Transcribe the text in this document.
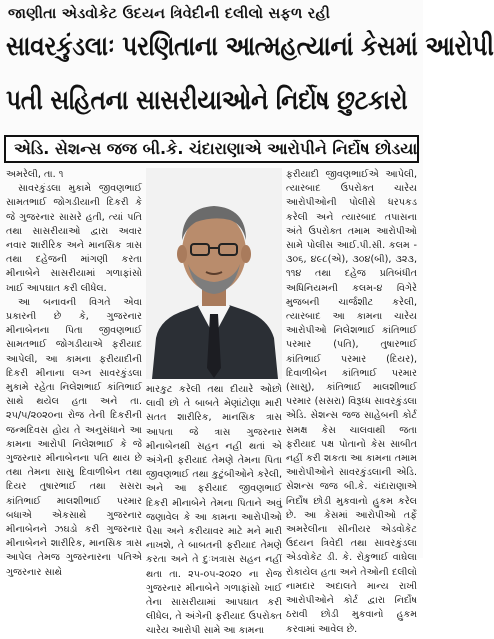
જાણીતા એડવોકેટ ઉદયન ત્રિવેદીની દલીલો સફળ રહી
સાવરકુંડલાઃ પરણિતાના આત્મહત્યાનાં કેસમાં આરોપી
પતી સહિતના સાસરીયાઓને નિર્દોષ છુટકારો
એડિ. સેશન્સ જજ બી.કે. ચંદારાણાએ આરોપીને નિર્દોષ છોડયા

અમરેલી, તા. ૧

સાવરકુંડલા મુકામે જીવણભાઈ સામતભાઈ જોગડીયાની દિકરી કે જે ગુજરનાર સાસરે હતી, ત્યાં પતિ તથા સાસરીયાઓ દ્વારા અવાર નવાર શારીરિક અને માનસિક ત્રાસ તથા દહેજની માંગણી કરતા મીનાબેને સાસરીયામાં ગળાફાંસો ખાઈ આપઘાત કરી લીધેલ.

આ બનાવની વિગતે એવા પ્રકારની છે કે, ગુજરનાર મીનાબેનના પિતા જીવણભાઈ સામતભાઈ જોગડીયાએ ફરીયાદ આપેલી, આ કામના ફરીયાદીની દિકરી મીનાના લગ્ન સાવરકુંડલા મુકામે રહેતા નિલેશભાઈ કાંતિભાઈ સાથે થયેલ હતા અને તા. ૨૫/૫/૨૦૨૦ના રોજ તેની દિકરીની જન્મદિવસ હોય તે અનુસંધાને આ કામના આરોપી નિલેશભાઈ કે જે ગુજરનાર મીનાબેનના પતિ થાય છે તથા તેમના સાસુ દિવાળીબેન તથા દિયર તુષારભાઈ તથા સસરા કાંતિભાઈ માલશીભાઈ પરમાર બધાએ એકસાથે ગુજરનાર મીનાબેનને ઝઘડો કરી ગુજરનાર મીનાબેનને શારીરિક, માનસિક ત્રાસ આપેલ તેમજ ગુજરનારના પતિએ ગુજરનાર સાથે

મારકુટ કરેલી તથા દીયારે ઓછો લાવી છો તે બાબતે મેણાંટોણા મારી સતત શારીરિક, માનસિક ત્રાસ આપતા જે ત્રાસ ગુજરનાર મીનાબેનથી સહન નહી થતાં એ અંગેની ફરીયાદ તેમણે તેમના પિતા જીવણભાઈ તથા કુટુંબીઓને કરેલી, અને આ ફરીયાદ જીવણભાઈ દિકરી મીનાબેને તેમના પિતાને અવું જણાવેલ કે આ કામના આરોપીઓ પૈસા અને કરીયાવર માટે મને મારી નાખશે, તે બાબતની ફરીયાદ તેમણે કરતા અને તે દુઃખત્રાસ સહન નહીં થતા તા. ૨૫-૦૫-૨૦૨૦ ના રોજ ગુજરનાર મીનાબેને ગળાફાંસો ખાઈ તેના સાસરીયામાં આપઘાત કરી લીધેલ, તે અંગેની ફરીયાદ ઉપરોક્ત ચારેય આરોપી સામે આ કામના

ફરીયાદી જીવણભાઈએ આપેલી, ત્યારબાદ ઉપરોક્ત ચારેય આરોપીઓની પોલીસે ધરપકડ કરેલી અને ત્યારબાદ તપાસના અંતે ઉપરોક્ત તમામ આરોપીઓ સામે પોલીસ આઈ.પી.સી. કલમ - ૩૦૬, ૪૯૮(એ), ૩૦૪(બી), ૩૨૩, ૧૧૪ તથા દહેજ પ્રતિબંધીત અધિનિયમની કલમ-૪ વિગેરે મુજબની ચાર્જશીટ કરેલી, ત્યારબાદ આ કામના ચારેય આરોપીઓ નિલેશભાઈ કાંતિભાઈ પરમાર (પતિ), તુષારભાઈ કાંતિભાઈ પરમાર (દિયર), દિવાળીબેન કાંતિભાઈ પરમાર (સાસુ), કાંતિભાઈ માલશીભાઈ પરમાર (સસરા) વિરૂધ્ધ સાવરકુંડલા એડિ. સેશન્સ જજ સાહેબની કોર્ટ સમક્ષ કેસ ચાલવાથી જતા ફરીયાદ પક્ષ પોતાનો કેસ સાબીત નહીં કરી શકતા આ કામના તમામ આરોપીઓને સાવરકુંડલાની એડિ. સેશન્સ જજ બી.કે. ચંદારાણાએ નિર્દોષ છોડી મુકવાનો હુકમ કરેલ છે. આ કેસમાં આરોપીઓ તર્ફે અમરેલીના સીનીયર એડવોકેટ ઉદયન ત્રિવેદી તથા સાવરકુંડલા એડવોકેટ ડી. કે. રોકુભાઈ વાઘેલા રોકાયેલ હતા અને તેઓની દલીલો નામદાર અદાલતે માન્ય રાખી આરોપીઓને કોર્ટ દ્વારા નિર્દોષ ઠરાવી છોડી મુકવાનો હુકમ કરવામાં આવેલ છે.
